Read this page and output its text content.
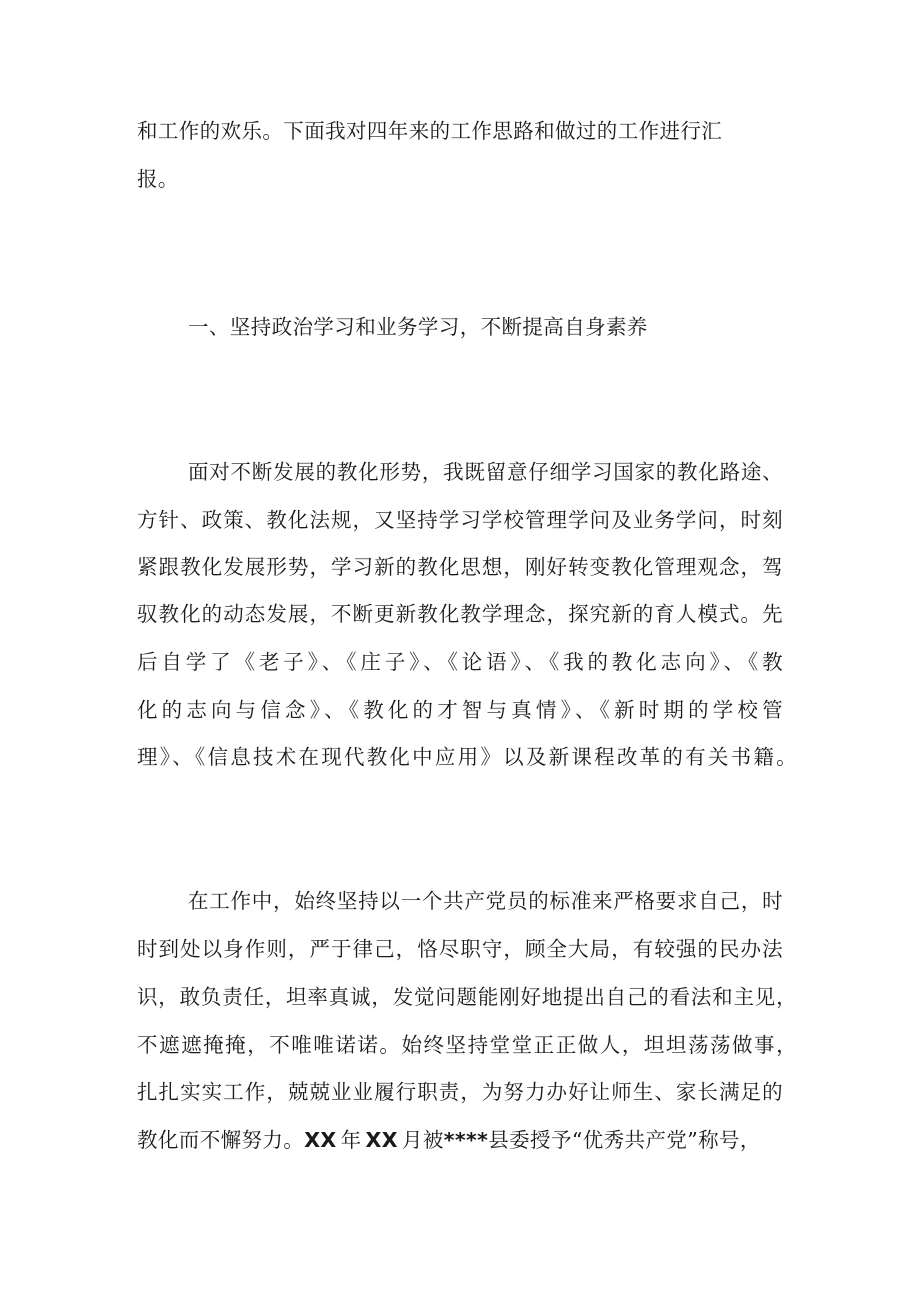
和工作的欢乐。下面我对四年来的工作思路和做过的工作进行汇
报。
一、坚持政治学习和业务学习，不断提高自身素养
面对不断发展的教化形势，我既留意仔细学习国家的教化路途、
方针、政策、教化法规，又坚持学习学校管理学问及业务学问，时刻
紧跟教化发展形势，学习新的教化思想，刚好转变教化管理观念，驾
驭教化的动态发展，不断更新教化教学理念，探究新的育人模式。先
后自学了《老子》、《庄子》、《论语》、《我的教化志向》、《教
化的志向与信念》、《教化的才智与真情》、《新时期的学校管
理》、《信息技术在现代教化中应用》以及新课程改革的有关书籍。
在工作中，始终坚持以一个共产党员的标准来严格要求自己，时
时到处以身作则，严于律己，恪尽职守，顾全大局，有较强的民办法
识，敢负责任，坦率真诚，发觉问题能刚好地提出自己的看法和主见，
不遮遮掩掩，不唯唯诺诺。始终坚持堂堂正正做人，坦坦荡荡做事，
扎扎实实工作，兢兢业业履行职责，为努力办好让师生、家长满足的
教化而不懈努力。XX 年 XX 月被****县委授予“优秀共产党”称号，
